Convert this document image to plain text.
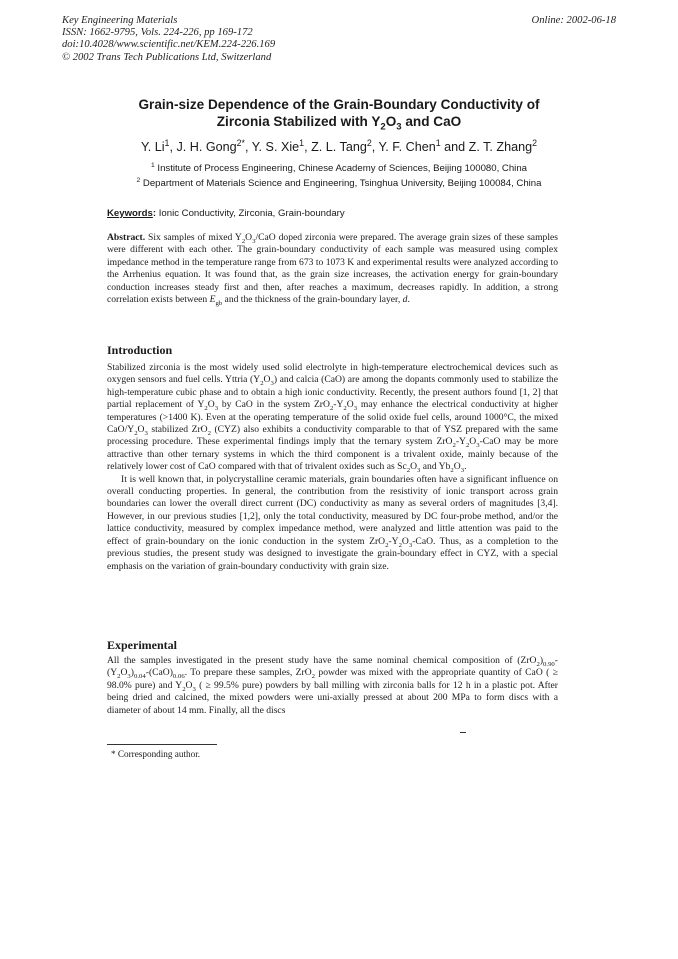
Key Engineering Materials
ISSN: 1662-9795, Vols. 224-226, pp 169-172
doi:10.4028/www.scientific.net/KEM.224-226.169
© 2002 Trans Tech Publications Ltd, Switzerland
Online: 2002-06-18
Grain-size Dependence of the Grain-Boundary Conductivity of
Zirconia Stabilized with $Y_2O_3$ and CaO
Y. Li$^1$, J. H. Gong$^{2*}$, Y. S. Xie$^1$, Z. L. Tang$^2$, Y. F. Chen$^1$ and Z. T. Zhang$^2$
$^1$ Institute of Process Engineering, Chinese Academy of Sciences, Beijing 100080, China
$^2$ Department of Materials Science and Engineering, Tsinghua University, Beijing 100084, China
Keywords: Ionic Conductivity, Zirconia, Grain-boundary
Abstract. Six samples of mixed $Y_2O_3$/CaO doped zirconia were prepared. The average grain sizes of these samples were different with each other. The grain-boundary conductivity of each sample was measured using complex impedance method in the temperature range from 673 to 1073 K and experimental results were analyzed according to the Arrhenius equation. It was found that, as the grain size increases, the activation energy for grain-boundary conduction increases steady first and then, after reaches a maximum, decreases rapidly. In addition, a strong correlation exists between $E_{gb}$ and the thickness of the grain-boundary layer, d.
Introduction
Stabilized zirconia is the most widely used solid electrolyte in high-temperature electrochemical devices such as oxygen sensors and fuel cells. Yttria $(Y_2O_3)$ and calcia (CaO) are among the dopants commonly used to stabilize the high-temperature cubic phase and to obtain a high ionic conductivity. Recently, the present authors found [1, 2] that partial replacement of $Y_2O_3$ by CaO in the system $ZrO_2-Y_2O_3$ may enhance the electrical conductivity at higher temperatures (>1400 K). Even at the operating temperature of the solid oxide fuel cells, around 1000°C, the mixed CaO/$Y_2O_3$ stabilized ZrO$_2$ (CYZ) also exhibits a conductivity comparable to that of YSZ prepared with the same processing procedure. These experimental findings imply that the ternary system $ZrO_2-Y_2O_3$-CaO may be more attractive than other ternary systems in which the third component is a trivalent oxide, mainly because of the relatively lower cost of CaO compared with that of trivalent oxides such as $Sc_2O_3$ and $Yb_2O_3$.
It is well known that, in polycrystalline ceramic materials, grain boundaries often have a significant influence on overall conducting properties. In general, the contribution from the resistivity of ionic transport across grain boundaries can lower the overall direct current (DC) conductivity as many as several orders of magnitudes [3,4]. However, in our previous studies [1,2], only the total conductivity, measured by DC four-probe method, and/or the lattice conductivity, measured by complex impedance method, were analyzed and little attention was paid to the effect of grain-boundary on the ionic conduction in the system $ZrO_2-Y_2O_3$-CaO. Thus, as a completion to the previous studies, the present study was designed to investigate the grain-boundary effect in CYZ, with a special emphasis on the variation of grain-boundary conductivity with grain size.
Experimental
All the samples investigated in the present study have the same nominal chemical composition of $(ZrO_2)_{0.90}-(Y_2O_3)_{0.04}-(CaO)_{0.06}$. To prepare these samples, ZrO$_2$ powder was mixed with the appropriate quantity of CaO ( ≥ 98.0% pure) and $Y_2O_3$ ( ≥ 99.5% pure) powders by ball milling with zirconia balls for 12 h in a plastic pot. After being dried and calcined, the mixed powders were uni-axially pressed at about 200 MPa to form discs with a diameter of about 14 mm. Finally, all the discs
* Corresponding author.
